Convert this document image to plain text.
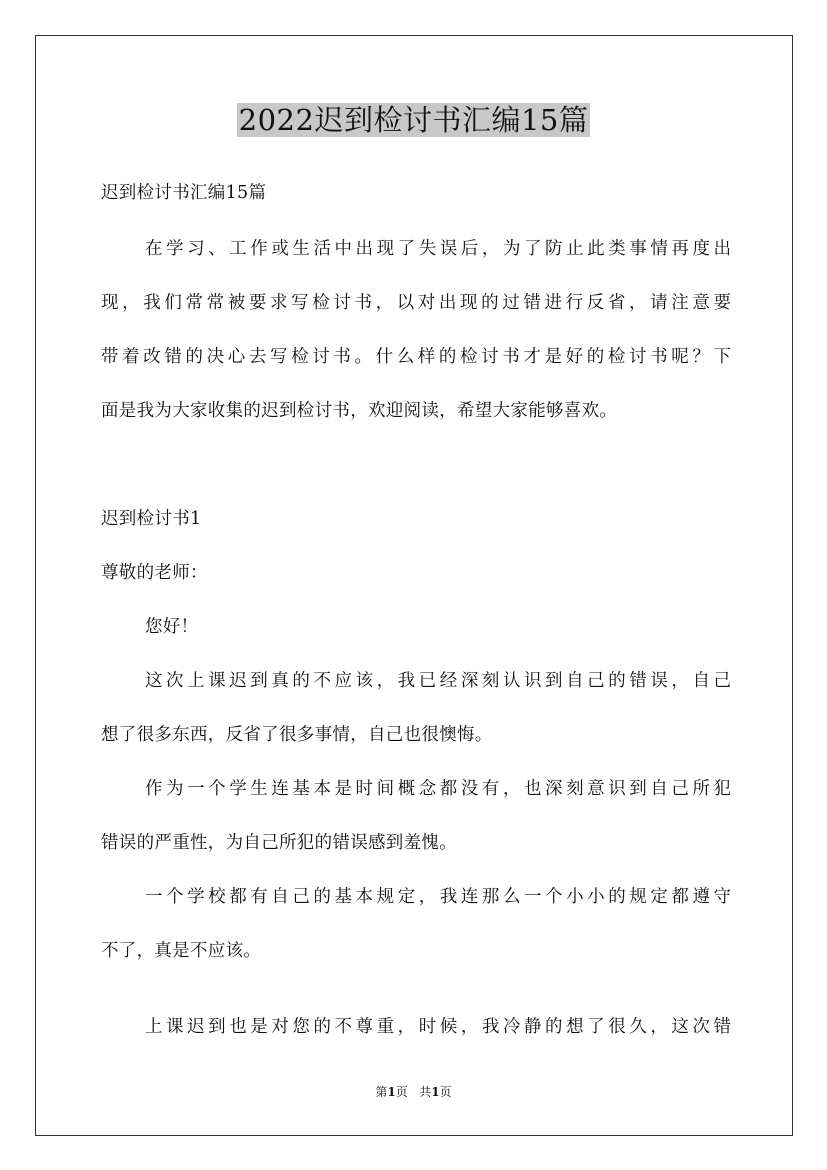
2022迟到检讨书汇编15篇
迟到检讨书汇编15篇
在学习、工作或生活中出现了失误后，为了防止此类事情再度出
现，我们常常被要求写检讨书，以对出现的过错进行反省，请注意要
带着改错的决心去写检讨书。什么样的检讨书才是好的检讨书呢？下
面是我为大家收集的迟到检讨书，欢迎阅读，希望大家能够喜欢。
迟到检讨书1
尊敬的老师：
您好！
这次上课迟到真的不应该，我已经深刻认识到自己的错误，自己
想了很多东西，反省了很多事情，自己也很懊悔。
作为一个学生连基本是时间概念都没有，也深刻意识到自己所犯
错误的严重性，为自己所犯的错误感到羞愧。
一个学校都有自己的基本规定，我连那么一个小小的规定都遵守
不了，真是不应该。
上课迟到也是对您的不尊重，时候，我冷静的想了很久，这次错
第1页 共1页
